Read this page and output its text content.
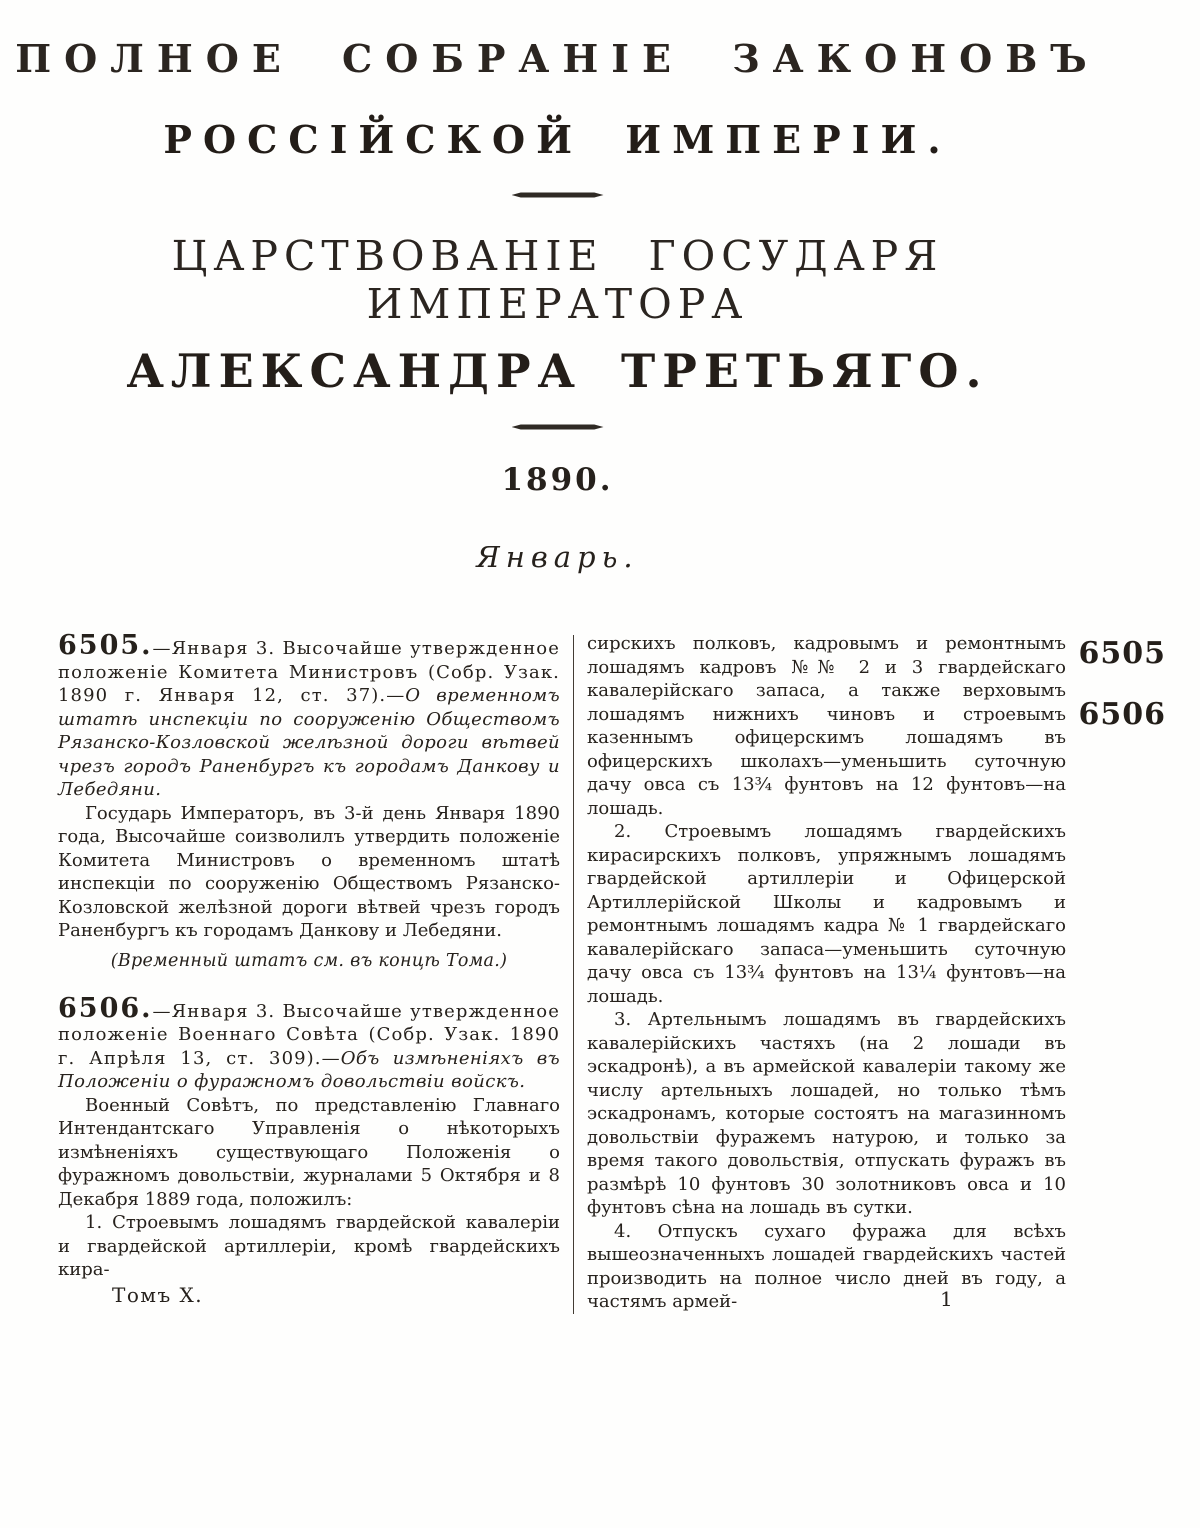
ПОЛНОЕ СОБРАНІЕ ЗАКОНОВЪ
РОССІЙСКОЙ ИМПЕРІИ.
ЦАРСТВОВАНІЕ ГОСУДАРЯ ИМПЕРАТОРА
АЛЕКСАНДРА ТРЕТЬЯГО.
1890.
Январь.

6505.—Января 3. Высочайше утвержденное положеніе Комитета Министровъ (Собр. Узак. 1890 г. Января 12, ст. 37).—О временномъ штатѣ инспекціи по сооруженію Обществомъ Рязанско-Козловской желѣзной дороги вѣтвей чрезъ городъ Раненбургъ къ городамъ Данкову и Лебедяни.

Государь Императоръ, въ 3-й день Января 1890 года, Высочайше соизволилъ утвердить положеніе Комитета Министровъ о временномъ штатѣ инспекціи по сооруженію Обществомъ Рязанско-Козловской желѣзной дороги вѣтвей чрезъ городъ Раненбургъ къ городамъ Данкову и Лебедяни.

(Временный штатъ см. въ концѣ Тома.)

6506.—Января 3. Высочайше утвержденное положеніе Военнаго Совѣта (Собр. Узак. 1890 г. Апрѣля 13, ст. 309).—Объ измѣненіяхъ въ Положеніи о фуражномъ довольствіи войскъ.

Военный Совѣтъ, по представленію Главнаго Интендантскаго Управленія о нѣкоторыхъ измѣненіяхъ существующаго Положенія о фуражномъ довольствіи, журналами 5 Октября и 8 Декабря 1889 года, положилъ:

1. Строевымъ лошадямъ гвардейской кавалеріи и гвардейской артиллеріи, кромѣ гвардейскихъ кира-

сирскихъ полковъ, кадровымъ и ремонтнымъ лошадямъ кадровъ №№ 2 и 3 гвардейскаго кавалерійскаго запаса, а также верховымъ лошадямъ нижнихъ чиновъ и строевымъ казеннымъ офицерскимъ лошадямъ въ офицерскихъ школахъ—уменьшить суточную дачу овса съ 13¾ фунтовъ на 12 фунтовъ—на лошадь.

2. Строевымъ лошадямъ гвардейскихъ кирасирскихъ полковъ, упряжнымъ лошадямъ гвардейской артиллеріи и Офицерской Артиллерійской Школы и кадровымъ и ремонтнымъ лошадямъ кадра № 1 гвардейскаго кавалерійскаго запаса—уменьшить суточную дачу овса съ 13¾ фунтовъ на 13¼ фунтовъ—на лошадь.

3. Артельнымъ лошадямъ въ гвардейскихъ кавалерійскихъ частяхъ (на 2 лошади въ эскадронѣ), а въ армейской кавалеріи такому же числу артельныхъ лошадей, но только тѣмъ эскадронамъ, которые состоятъ на магазинномъ довольствіи фуражемъ натурою, и только за время такого довольствія, отпускать фуражъ въ размѣрѣ 10 фунтовъ 30 золотниковъ овса и 10 фунтовъ сѣна на лошадь въ сутки.

4. Отпускъ сухаго фуража для всѣхъ вышеозначенныхъ лошадей гвардейскихъ частей производить на полное число дней въ году, а частямъ армей-

6505
6506
Томъ X.	1
